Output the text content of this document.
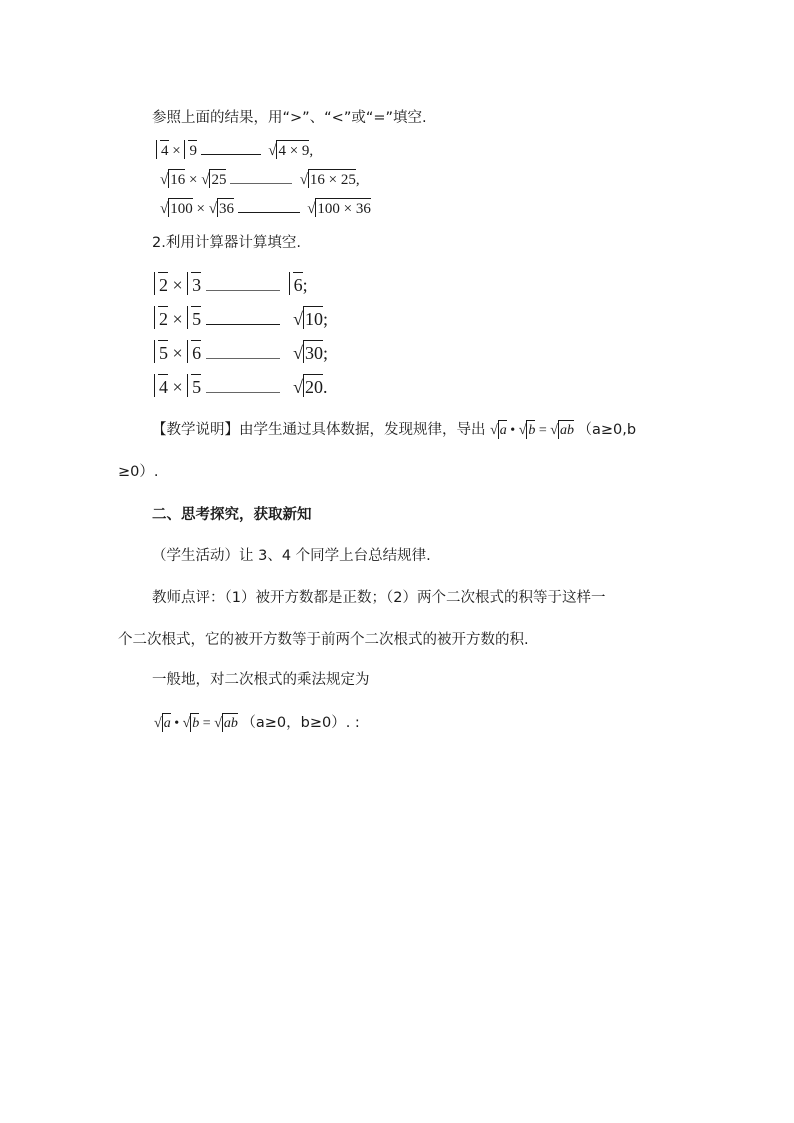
参照上面的结果，用“>”、“<”或“=”填空.
4 × 9	√ 4 × 9,
√ 16 × √ 25	√ 16 × 25,
√ 100 × √ 36	√ 100 × 36
2.利用计算器计算填空.
2 × 3	6;
2 × 5	√ 10;
5 × 6	√ 30;
4 × 5	√ 20.
【教学说明】由学生通过具体数据，发现规律，导出 √ a • √ b = √ ab （a≥0,b
≥0）.
二、思考探究，获取新知
（学生活动）让 3、4 个同学上台总结规律.
教师点评：（1）被开方数都是正数；（2）两个二次根式的积等于这样一
个二次根式，它的被开方数等于前两个二次根式的被开方数的积.
一般地，对二次根式的乘法规定为
√ a • √ b = √ ab （a≥0，b≥0）. :
